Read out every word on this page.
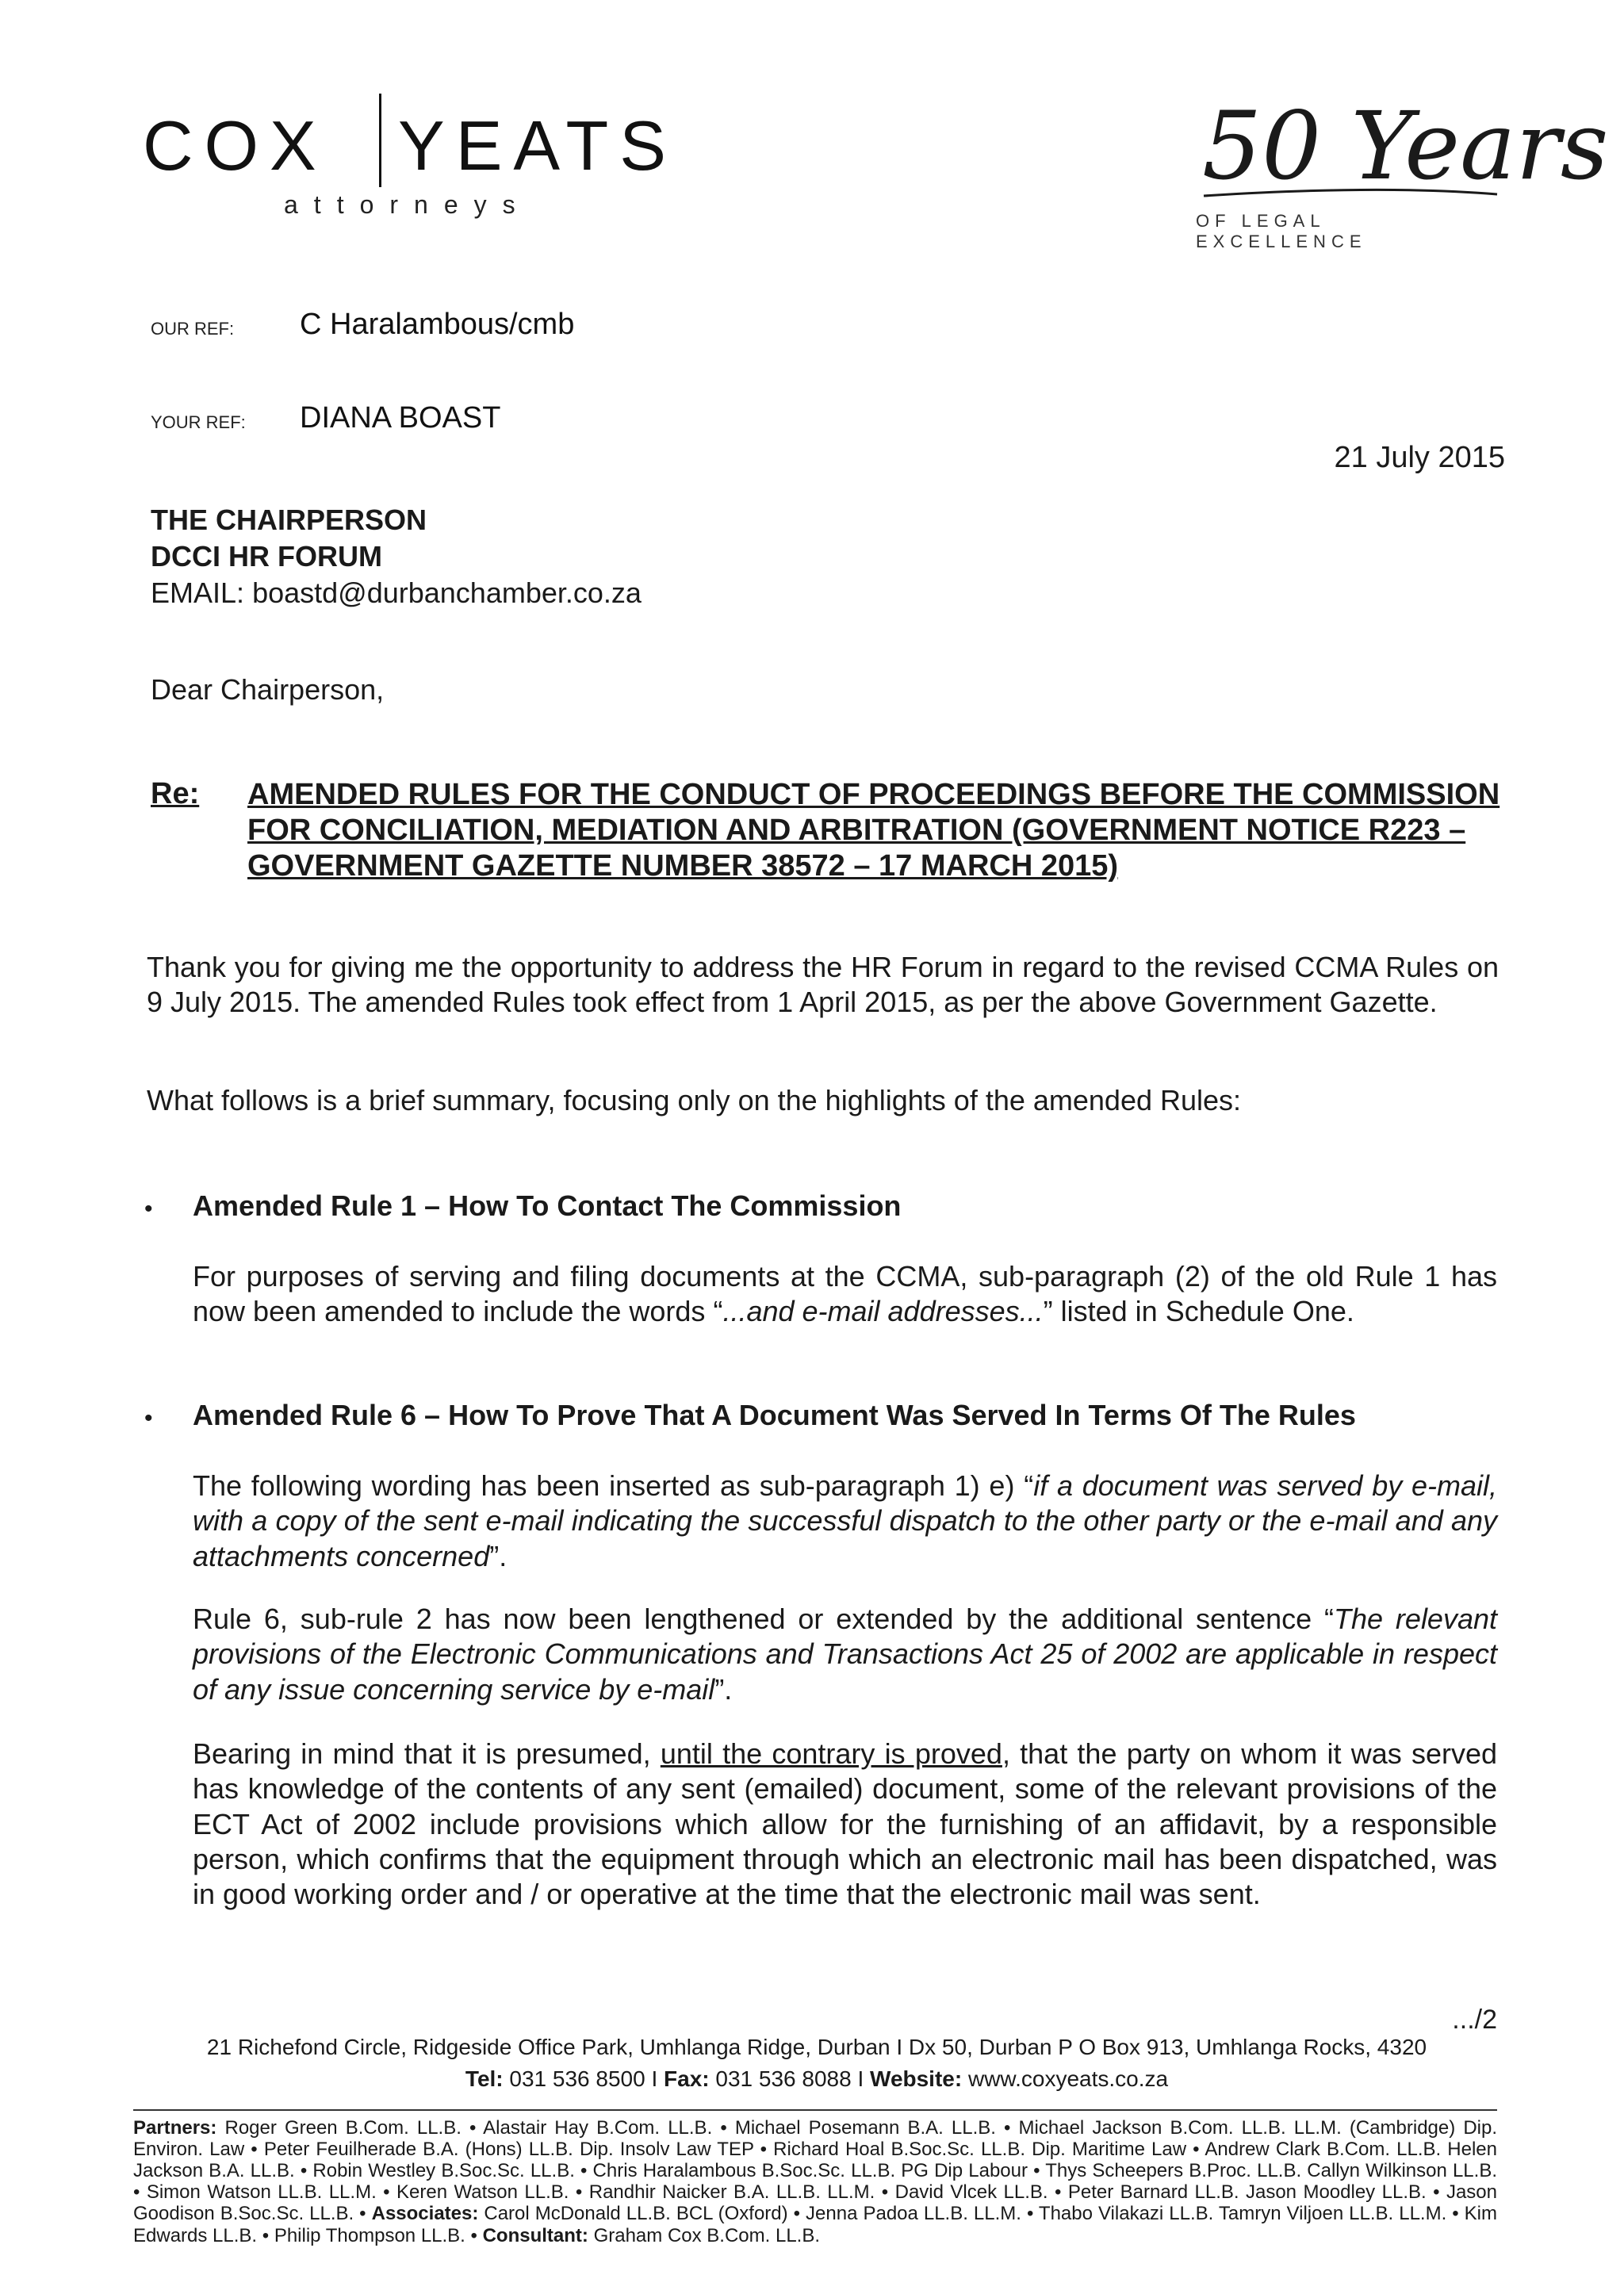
COX YEATS
attorneys
50 Years
OF LEGAL EXCELLENCE
OUR REF: C Haralambous/cmb
YOUR REF: DIANA BOAST
21 July 2015
THE CHAIRPERSON
DCCI HR FORUM
EMAIL: boastd@durbanchamber.co.za
Dear Chairperson,
Re: AMENDED RULES FOR THE CONDUCT OF PROCEEDINGS BEFORE THE COMMISSION FOR CONCILIATION, MEDIATION AND ARBITRATION (GOVERNMENT NOTICE R223 – GOVERNMENT GAZETTE NUMBER 38572 – 17 MARCH 2015)
Thank you for giving me the opportunity to address the HR Forum in regard to the revised CCMA Rules on 9 July 2015. The amended Rules took effect from 1 April 2015, as per the above Government Gazette.
What follows is a brief summary, focusing only on the highlights of the amended Rules:
• Amended Rule 1 – How To Contact The Commission
For purposes of serving and filing documents at the CCMA, sub-paragraph (2) of the old Rule 1 has now been amended to include the words “...and e-mail addresses...” listed in Schedule One.
• Amended Rule 6 – How To Prove That A Document Was Served In Terms Of The Rules
The following wording has been inserted as sub-paragraph 1) e) “if a document was served by e-mail, with a copy of the sent e-mail indicating the successful dispatch to the other party or the e-mail and any attachments concerned”.
Rule 6, sub-rule 2 has now been lengthened or extended by the additional sentence “The relevant provisions of the Electronic Communications and Transactions Act 25 of 2002 are applicable in respect of any issue concerning service by e-mail”.
Bearing in mind that it is presumed, until the contrary is proved, that the party on whom it was served has knowledge of the contents of any sent (emailed) document, some of the relevant provisions of the ECT Act of 2002 include provisions which allow for the furnishing of an affidavit, by a responsible person, which confirms that the equipment through which an electronic mail has been dispatched, was in good working order and / or operative at the time that the electronic mail was sent.
.../2
21 Richefond Circle, Ridgeside Office Park, Umhlanga Ridge, Durban I Dx 50, Durban P O Box 913, Umhlanga Rocks, 4320
Tel: 031 536 8500 I Fax: 031 536 8088 I Website: www.coxyeats.co.za
Partners: Roger Green B.Com. LL.B. • Alastair Hay B.Com. LL.B. • Michael Posemann B.A. LL.B. • Michael Jackson B.Com. LL.B. LL.M. (Cambridge) Dip. Environ. Law • Peter Feuilherade B.A. (Hons) LL.B. Dip. Insolv Law TEP • Richard Hoal B.Soc.Sc. LL.B. Dip. Maritime Law • Andrew Clark B.Com. LL.B. Helen Jackson B.A. LL.B. • Robin Westley B.Soc.Sc. LL.B. • Chris Haralambous B.Soc.Sc. LL.B. PG Dip Labour • Thys Scheepers B.Proc. LL.B. Callyn Wilkinson LL.B. • Simon Watson LL.B. LL.M. • Keren Watson LL.B. • Randhir Naicker B.A. LL.B. LL.M. • David Vlcek LL.B. • Peter Barnard LL.B. Jason Moodley LL.B. • Jason Goodison B.Soc.Sc. LL.B. • Associates: Carol McDonald LL.B. BCL (Oxford) • Jenna Padoa LL.B. LL.M. • Thabo Vilakazi LL.B. Tamryn Viljoen LL.B. LL.M. • Kim Edwards LL.B. • Philip Thompson LL.B. • Consultant: Graham Cox B.Com. LL.B.
